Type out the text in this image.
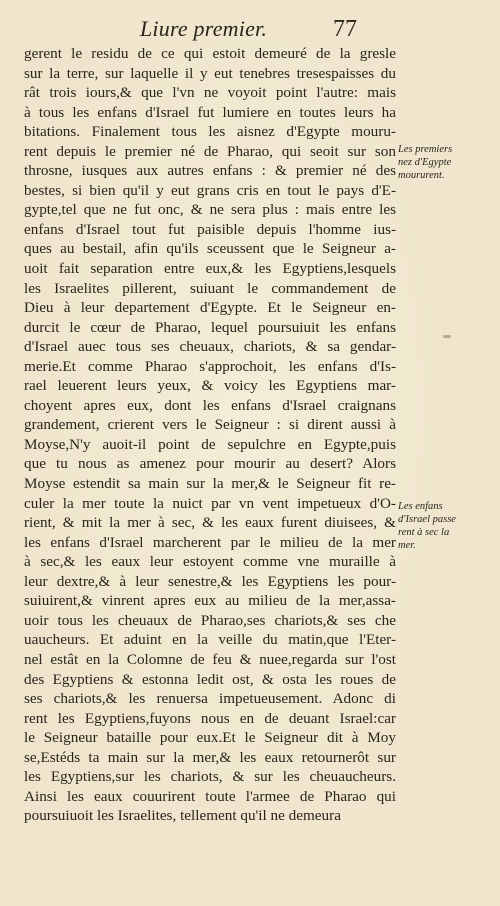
Liure premier.	77
gerent le residu de ce qui estoit demeuré de la gresle
sur la terre, sur laquelle il y eut tenebres tresespaisses du
rât trois iours,& que l'vn ne voyoit point l'autre: mais
à tous les enfans d'Israel fut lumiere en toutes leurs ha
bitations. Finalement tous les aisnez d'Egypte mouru-
rent depuis le premier né de Pharao, qui seoit sur son
throsne, iusques aux autres enfans : & premier né des
bestes, si bien qu'il y eut grans cris en tout le pays d'E-
gypte,tel que ne fut onc, & ne sera plus : mais entre les
enfans d'Israel tout fut paisible depuis l'homme ius-
ques au bestail, afin qu'ils sceussent que le Seigneur a-
uoit fait separation entre eux,& les Egyptiens,lesquels
les Israelites pillerent, suiuant le commandement de
Dieu à leur departement d'Egypte. Et le Seigneur en-
durcit le cœur de Pharao, lequel poursuiuit les enfans
d'Israel auec tous ses cheuaux, chariots, & sa gendar-
merie.Et comme Pharao s'approchoit, les enfans d'Is-
rael leuerent leurs yeux, & voicy les Egyptiens mar-
choyent apres eux, dont les enfans d'Israel craignans
grandement, crierent vers le Seigneur : si dirent aussi à
Moyse,N'y auoit-il point de sepulchre en Egypte,puis
que tu nous as amenez pour mourir au desert? Alors
Moyse estendit sa main sur la mer,& le Seigneur fit re-
culer la mer toute la nuict par vn vent impetueux d'O-
rient, & mit la mer à sec, & les eaux furent diuisees, &
les enfans d'Israel marcherent par le milieu de la mer
à sec,& les eaux leur estoyent comme vne muraille à
leur dextre,& à leur senestre,& les Egyptiens les pour-
suiuirent,& vinrent apres eux au milieu de la mer,assa-
uoir tous les cheuaux de Pharao,ses chariots,& ses che
uaucheurs. Et aduint en la veille du matin,que l'Eter-
nel estât en la Colomne de feu & nuee,regarda sur l'ost
des Egyptiens & estonna ledit ost, & osta les roues de
ses chariots,& les renuersa impetueusement. Adonc di
rent les Egyptiens,fuyons nous en de deuant Israel:car
le Seigneur bataille pour eux.Et le Seigneur dit à Moy
se,Estéds ta main sur la mer,& les eaux retournerôt sur
les Egyptiens,sur les chariots, & sur les cheuaucheurs.
Ainsi les eaux couurirent toute l'armee de Pharao qui
poursuiuoit les Israelites, tellement qu'il ne demeura
Les premiers
nez d'Egypte
moururent.
Les enfans
d'Israel passe
rent à sec la
mer.
